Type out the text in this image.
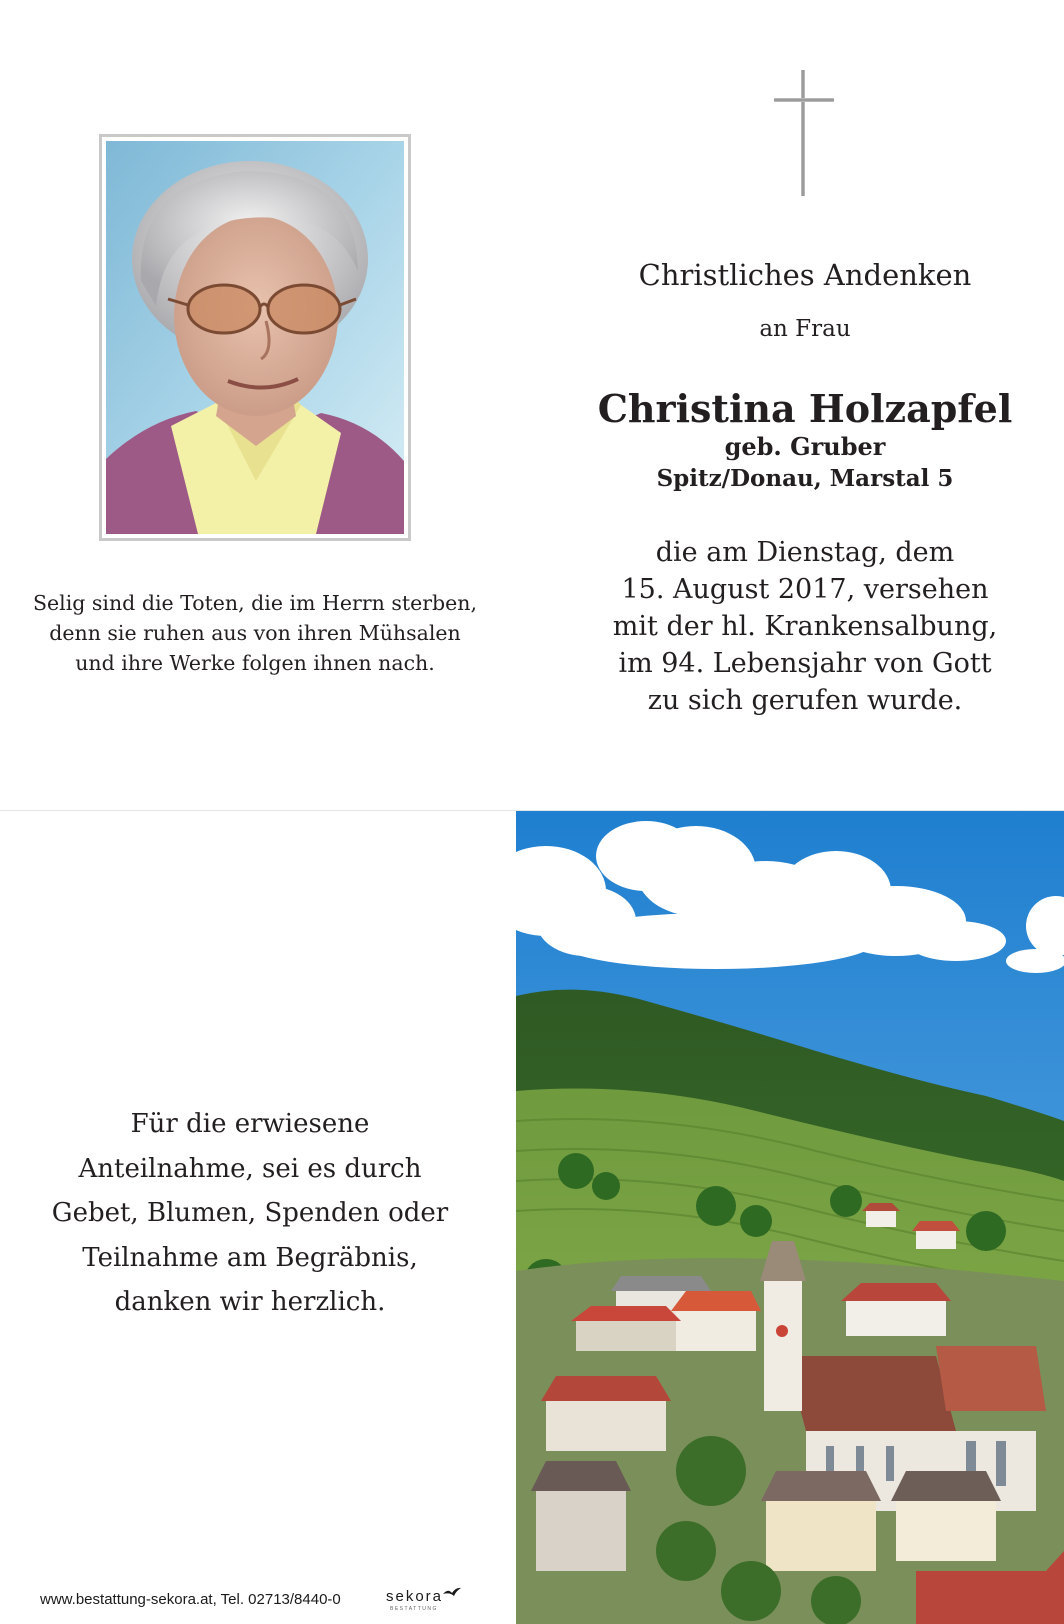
Christliches Andenken
an Frau
Christina Holzapfel
geb. Gruber
Spitz/Donau, Marstal 5
die am Dienstag, dem
15. August 2017, versehen
mit der hl. Krankensalbung,
im 94. Lebensjahr von Gott
zu sich gerufen wurde.
Selig sind die Toten, die im Herrn sterben,
denn sie ruhen aus von ihren Mühsalen
und ihre Werke folgen ihnen nach.
Für die erwiesene
Anteilnahme, sei es durch
Gebet, Blumen, Spenden oder
Teilnahme am Begräbnis,
danken wir herzlich.
www.bestattung-sekora.at, Tel. 02713/8440-0	sekora
BESTATTUNG
